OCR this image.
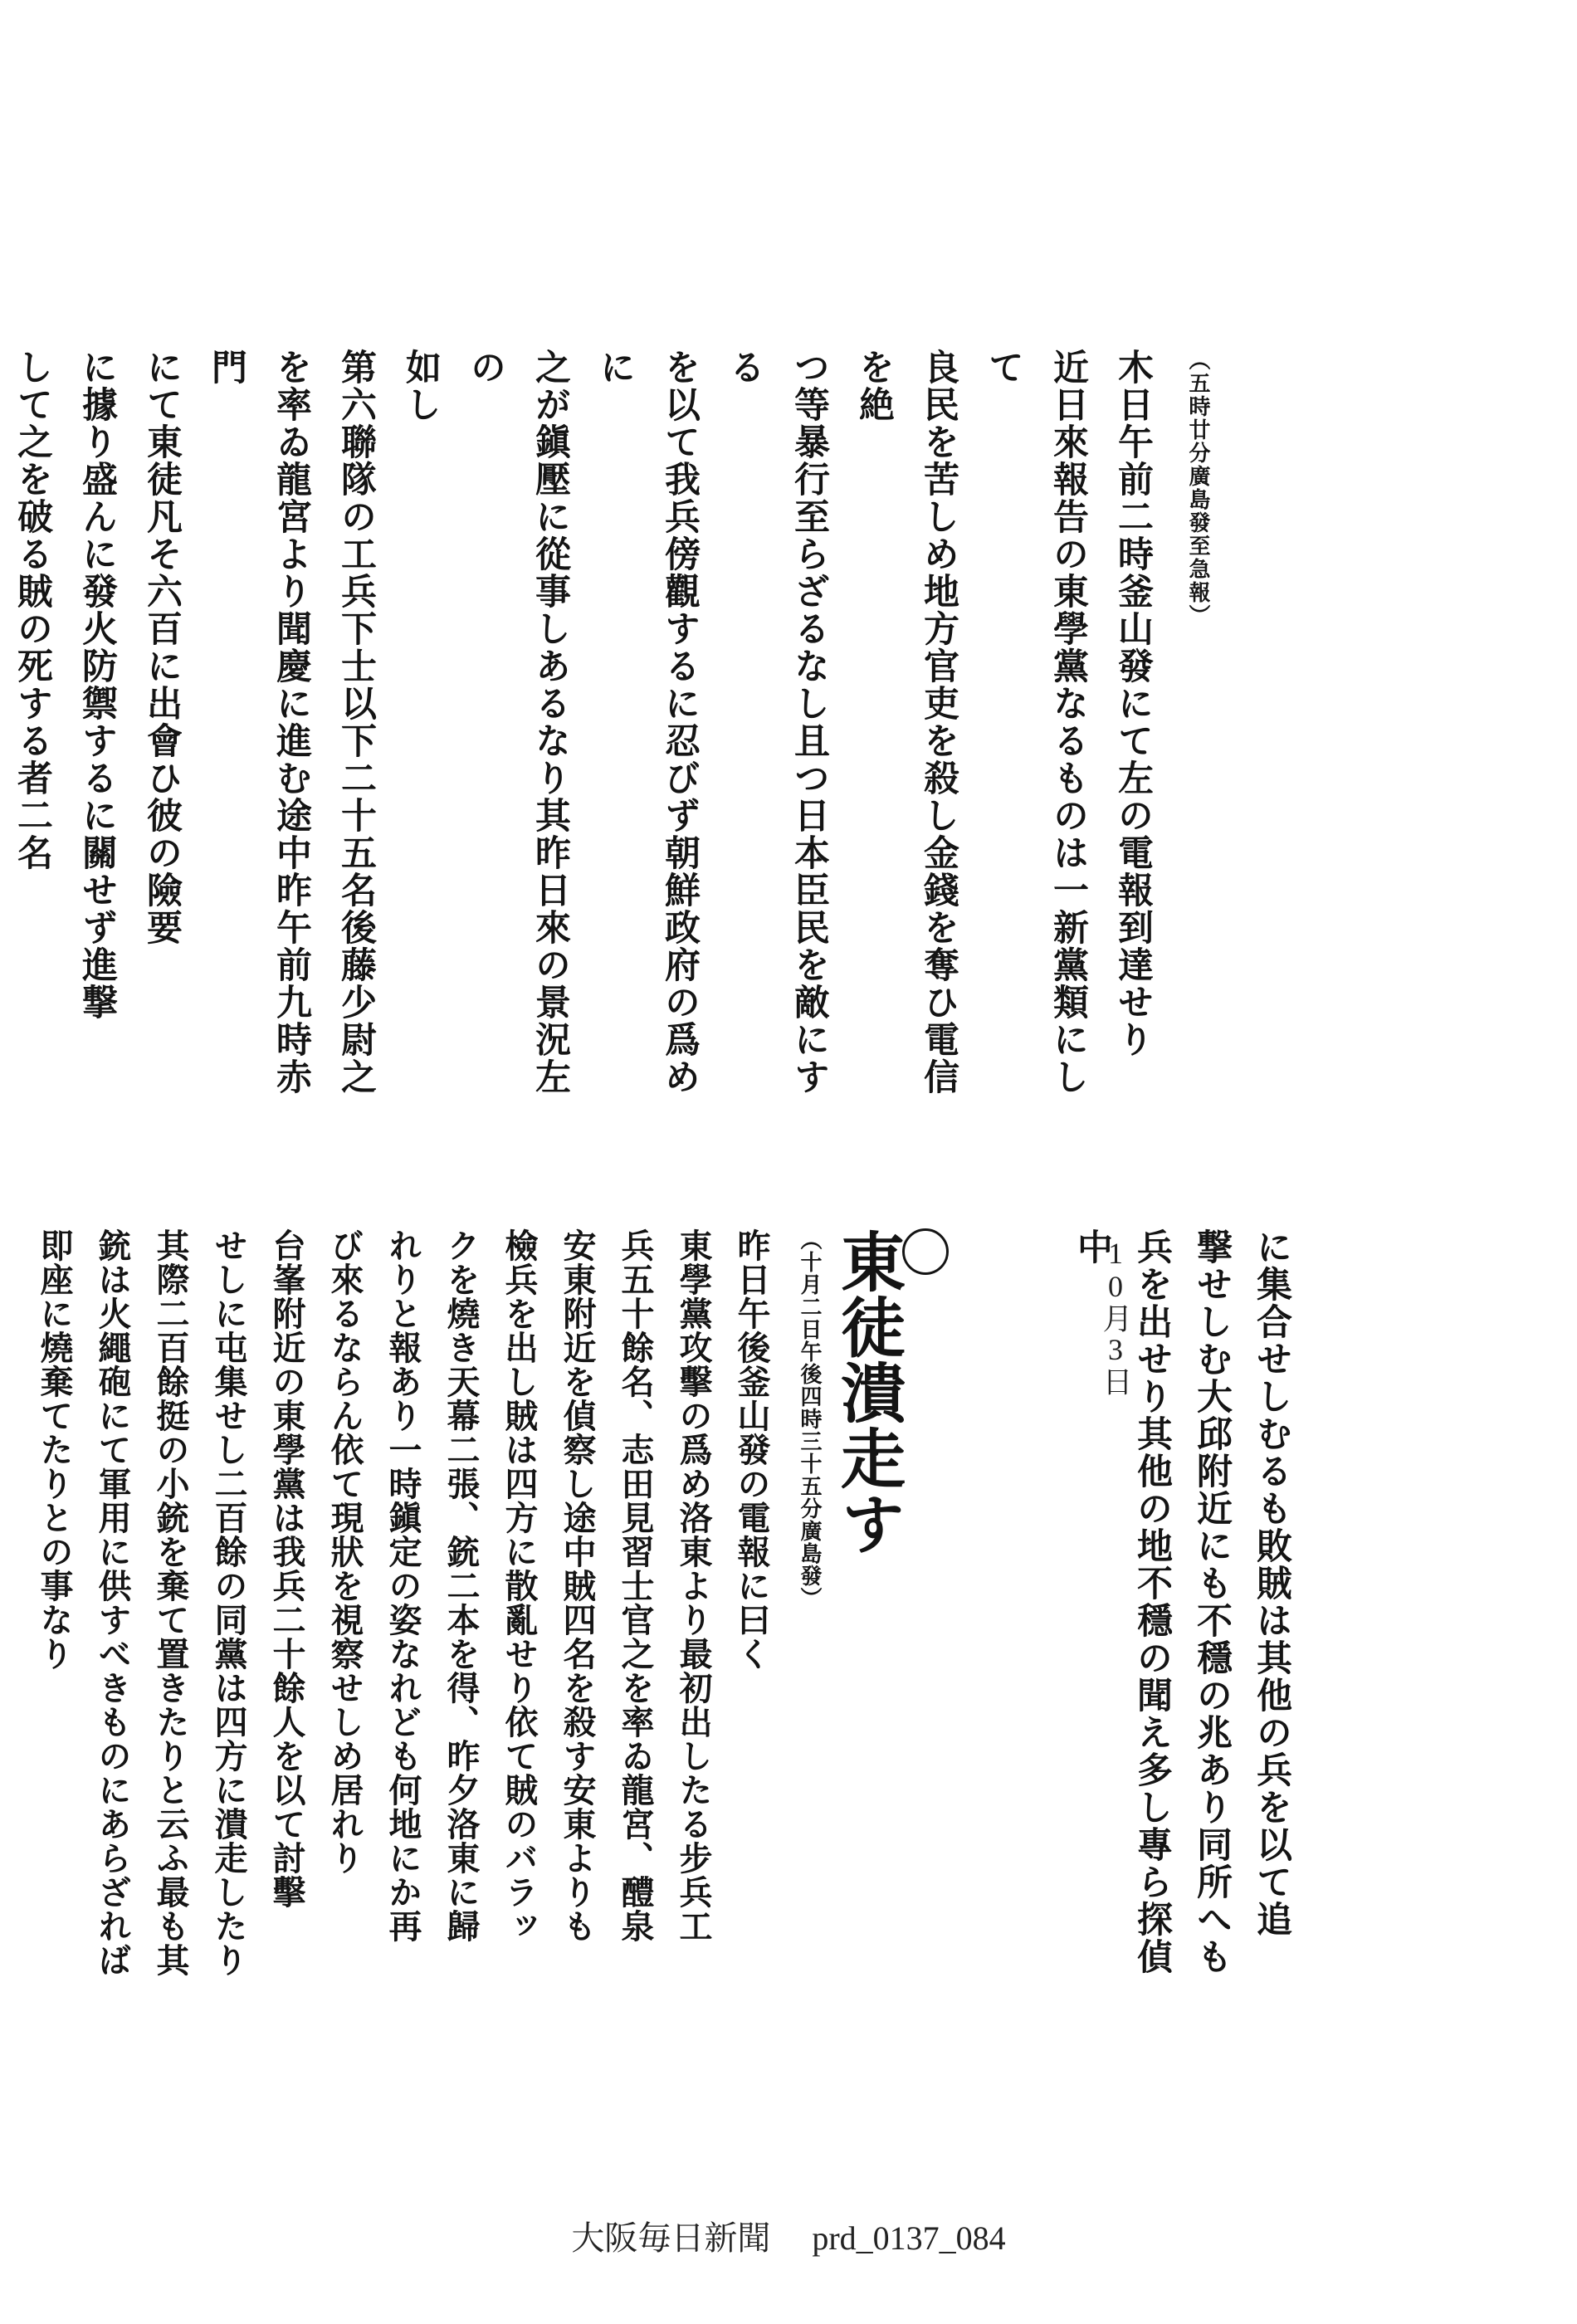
（五時廿分廣島發至急報）
木日午前二時釜山發にて左の電報到達せり
近日來報告の東學黨なるものは一新黨類にして
良民を苦しめ地方官吏を殺し金錢を奪ひ電信を絶
つ等暴行至らざるなし且つ日本臣民を敵にする
を以て我兵傍觀するに忍びず朝鮮政府の爲めに
之が鎭壓に從事しあるなり其昨日來の景況左の
如し
第六聯隊の工兵下士以下二十五名後藤少尉之
を率ゐ龍宮より聞慶に進む途中昨午前九時赤門
にて東徒凡そ六百に出會ひ彼の險要
に據り盛んに發火防禦するに關せず進撃
して之を破る賊の死する者二名

に集合せしむるも敗賊は其他の兵を以て追
撃せしむ大邱附近にも不穩の兆あり同所へも
兵を出せり其他の地不穩の聞え多し專ら探偵
中

10月3日

東徒潰走す
（十月二日午後四時三十五分廣島發）
昨日午後釜山發の電報に曰く
東學黨攻擊の爲め洛東より最初出したる步兵工
兵五十餘名、志田見習士官之を率ゐ龍宮、醴泉
安東附近を偵察し途中賊四名を殺す安東よりも
檢兵を出し賊は四方に散亂せり依て賊のバラッ
クを燒き天幕二張、銃二本を得、昨夕洛東に歸
れりと報あり一時鎭定の姿なれども何地にか再
び來るならん依て現狀を視察せしめ居れり
台峯附近の東學黨は我兵二十餘人を以て討擊
せしに屯集せし二百餘の同黨は四方に潰走したり
其際二百餘挺の小銃を棄て置きたりと云ふ最も其
銃は火繩砲にて軍用に供すべきものにあらざれば
即座に燒棄てたりとの事なり

大阪毎日新聞 prd_0137_084
